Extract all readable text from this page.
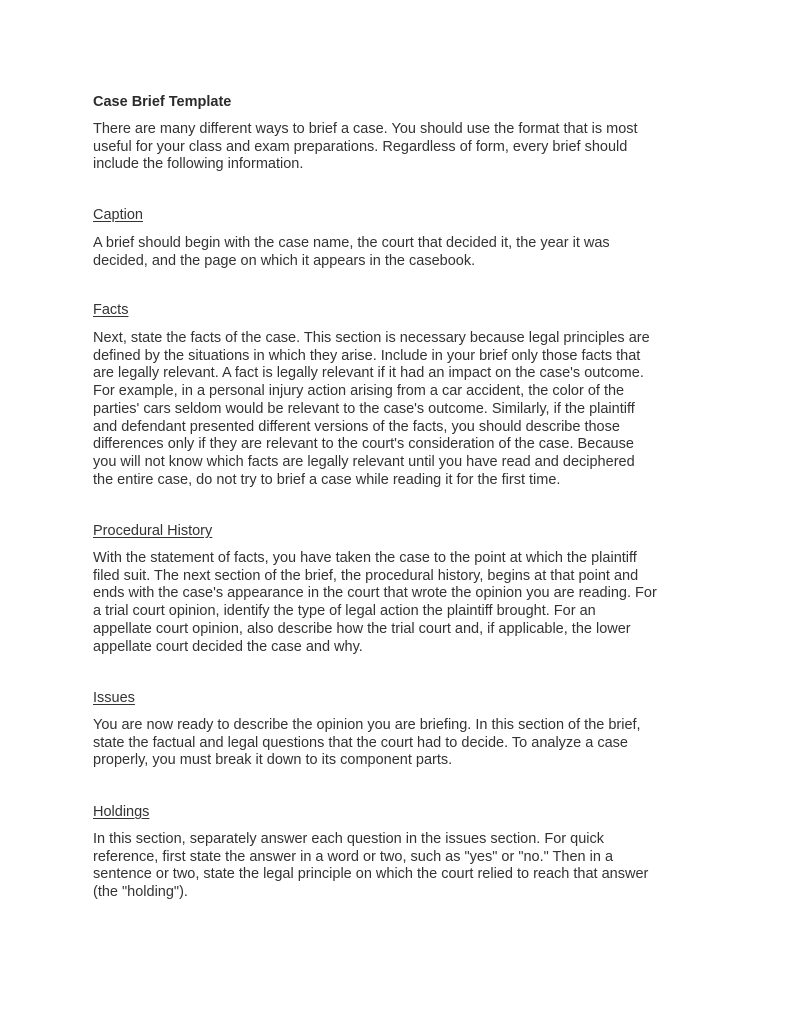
Case Brief Template
There are many different ways to brief a case. You should use the format that is most
useful for your class and exam preparations. Regardless of form, every brief should
include the following information.
Caption
A brief should begin with the case name, the court that decided it, the year it was
decided, and the page on which it appears in the casebook.
Facts
Next, state the facts of the case. This section is necessary because legal principles are
defined by the situations in which they arise. Include in your brief only those facts that
are legally relevant. A fact is legally relevant if it had an impact on the case's outcome.
For example, in a personal injury action arising from a car accident, the color of the
parties' cars seldom would be relevant to the case's outcome. Similarly, if the plaintiff
and defendant presented different versions of the facts, you should describe those
differences only if they are relevant to the court's consideration of the case. Because
you will not know which facts are legally relevant until you have read and deciphered
the entire case, do not try to brief a case while reading it for the first time.
Procedural History
With the statement of facts, you have taken the case to the point at which the plaintiff
filed suit. The next section of the brief, the procedural history, begins at that point and
ends with the case's appearance in the court that wrote the opinion you are reading. For
a trial court opinion, identify the type of legal action the plaintiff brought. For an
appellate court opinion, also describe how the trial court and, if applicable, the lower
appellate court decided the case and why.
Issues
You are now ready to describe the opinion you are briefing. In this section of the brief,
state the factual and legal questions that the court had to decide. To analyze a case
properly, you must break it down to its component parts.
Holdings
In this section, separately answer each question in the issues section. For quick
reference, first state the answer in a word or two, such as "yes" or "no." Then in a
sentence or two, state the legal principle on which the court relied to reach that answer
(the "holding").
